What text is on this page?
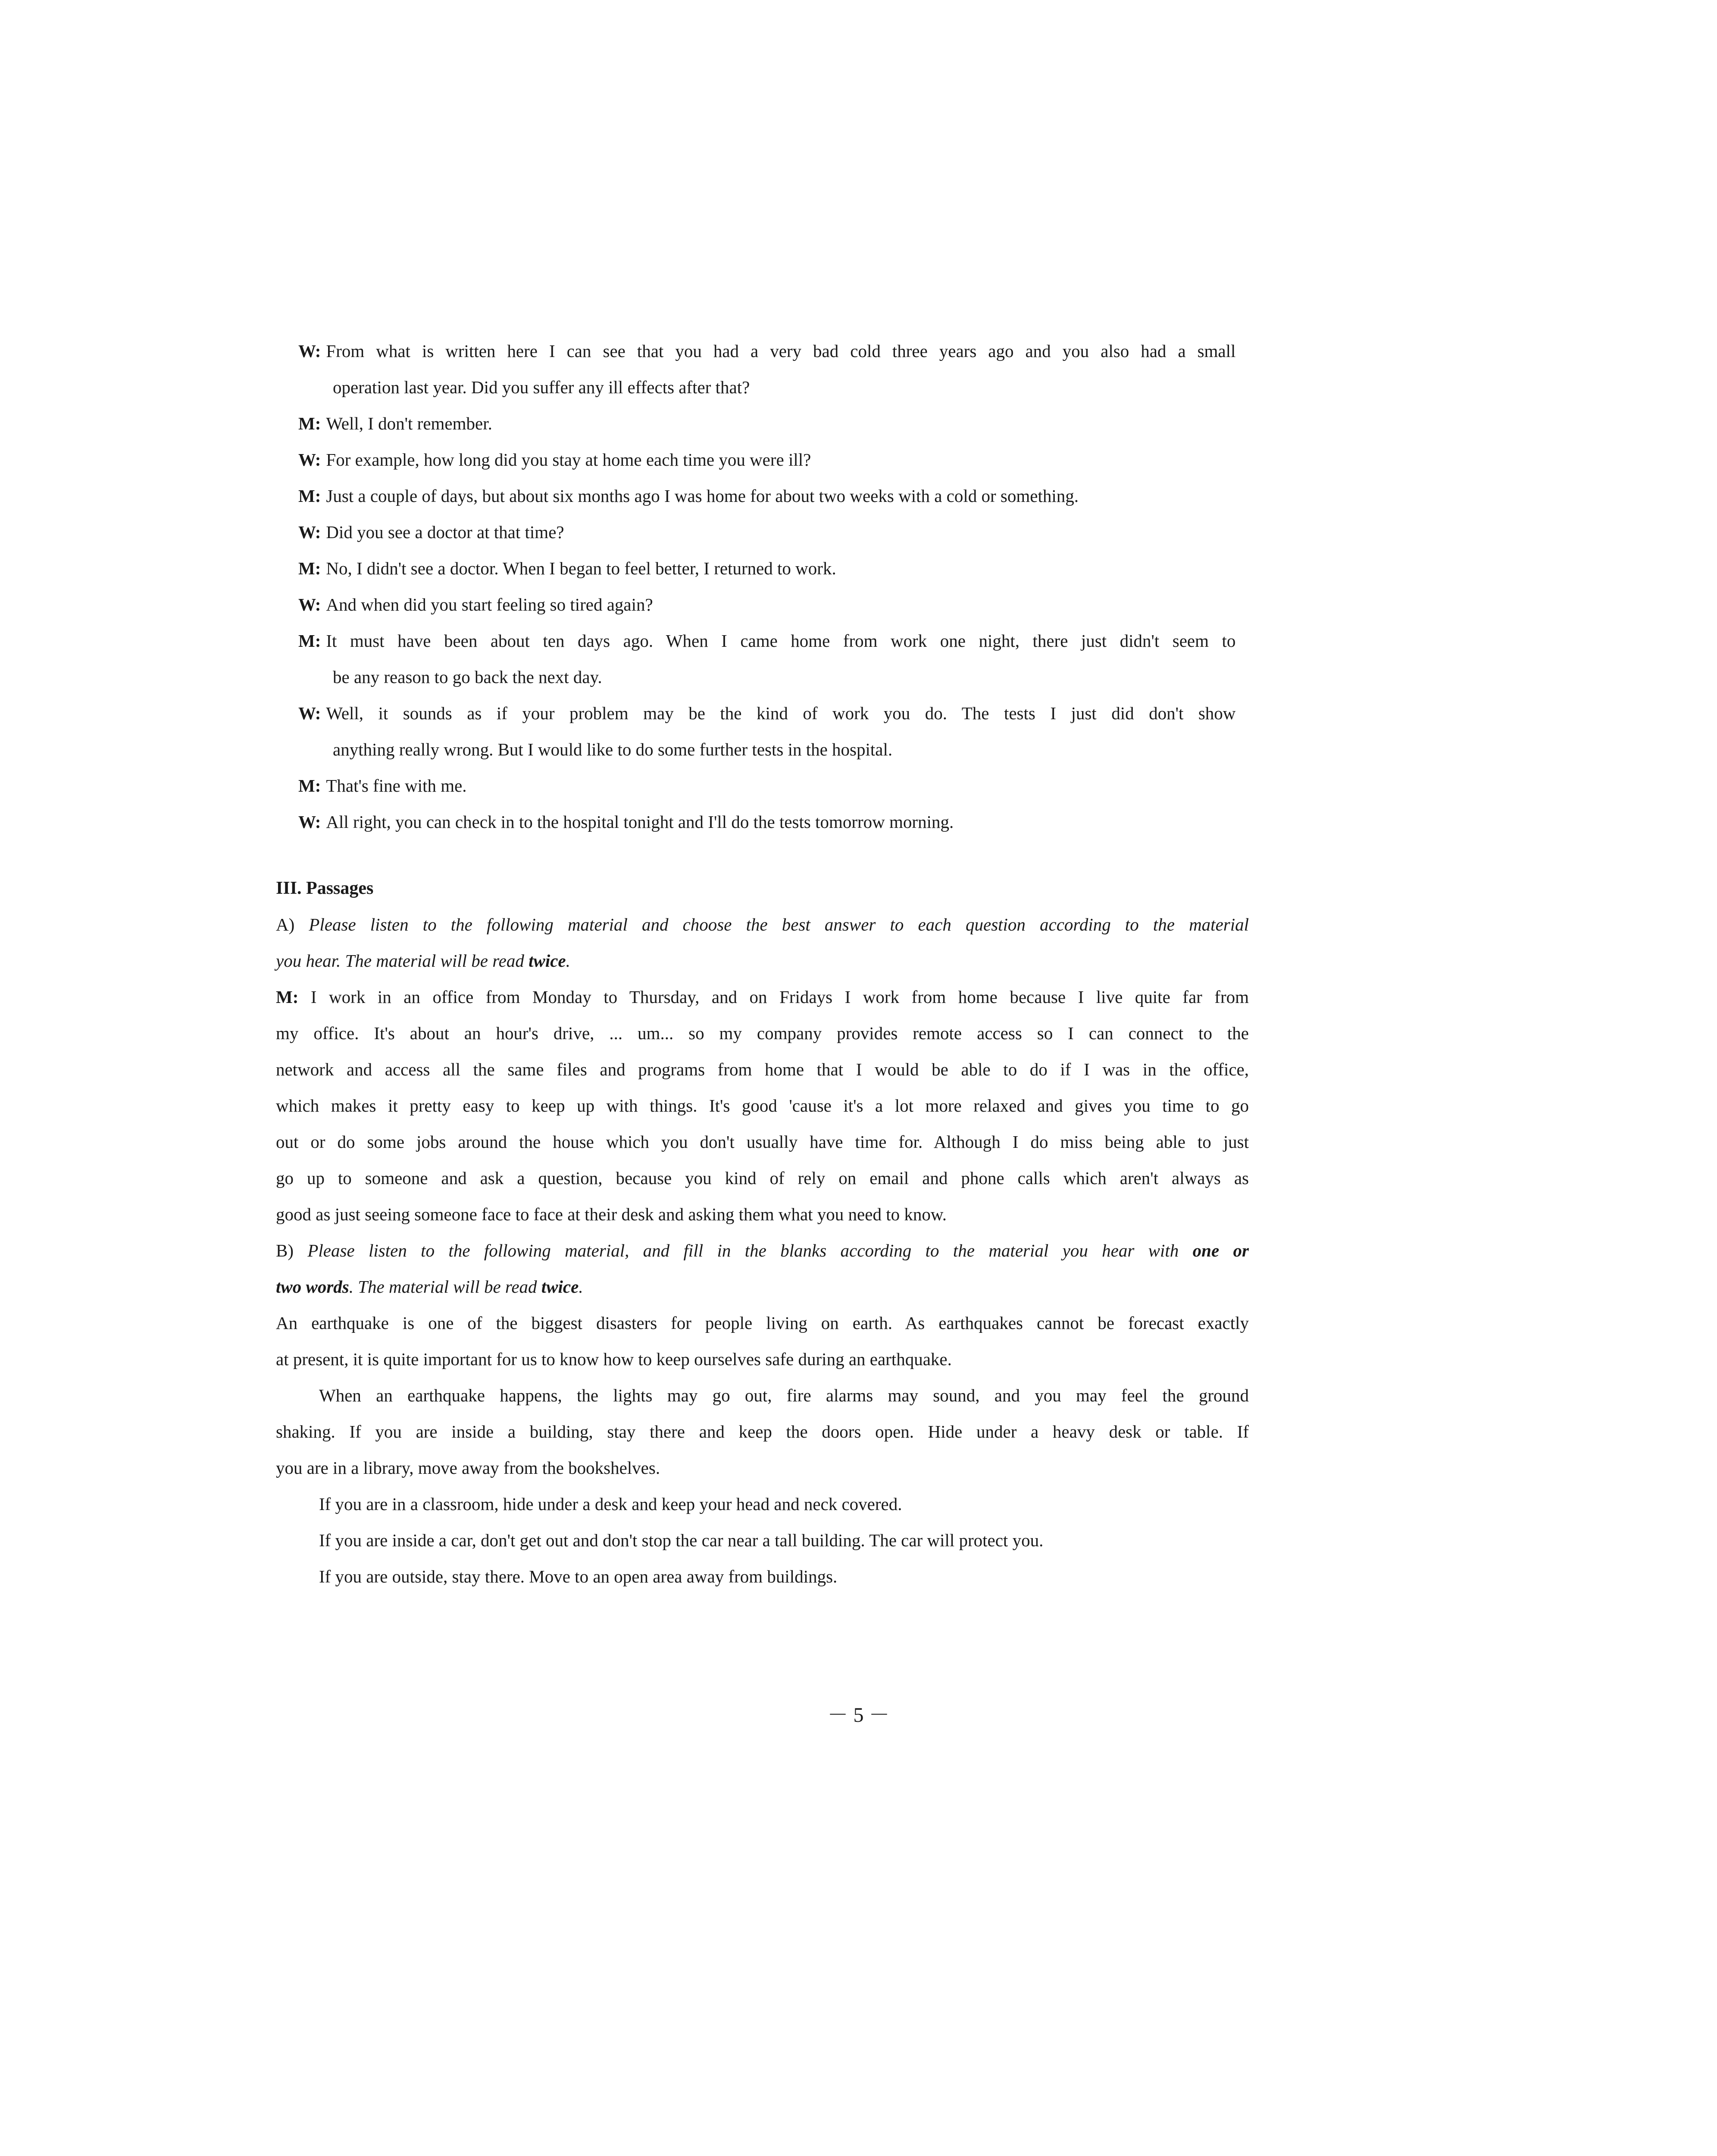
W: From what is written here I can see that you had a very bad cold three years ago and you also had a small
operation last year. Did you suffer any ill effects after that?
M: Well, I don't remember.
W: For example, how long did you stay at home each time you were ill?
M: Just a couple of days, but about six months ago I was home for about two weeks with a cold or something.
W: Did you see a doctor at that time?
M: No, I didn't see a doctor. When I began to feel better, I returned to work.
W: And when did you start feeling so tired again?
M: It must have been about ten days ago. When I came home from work one night, there just didn't seem to
be any reason to go back the next day.
W: Well, it sounds as if your problem may be the kind of work you do. The tests I just did don't show
anything really wrong. But I would like to do some further tests in the hospital.
M: That's fine with me.
W: All right, you can check in to the hospital tonight and I'll do the tests tomorrow morning.
III. Passages
A) Please listen to the following material and choose the best answer to each question according to the material
you hear. The material will be read twice.
M: I work in an office from Monday to Thursday, and on Fridays I work from home because I live quite far from
my office. It's about an hour's drive, ... um... so my company provides remote access so I can connect to the
network and access all the same files and programs from home that I would be able to do if I was in the office,
which makes it pretty easy to keep up with things. It's good 'cause it's a lot more relaxed and gives you time to go
out or do some jobs around the house which you don't usually have time for. Although I do miss being able to just
go up to someone and ask a question, because you kind of rely on email and phone calls which aren't always as
good as just seeing someone face to face at their desk and asking them what you need to know.
B) Please listen to the following material, and fill in the blanks according to the material you hear with one or
two words. The material will be read twice.
An earthquake is one of the biggest disasters for people living on earth. As earthquakes cannot be forecast exactly
at present, it is quite important for us to know how to keep ourselves safe during an earthquake.
When an earthquake happens, the lights may go out, fire alarms may sound, and you may feel the ground
shaking. If you are inside a building, stay there and keep the doors open. Hide under a heavy desk or table. If
you are in a library, move away from the bookshelves.
If you are in a classroom, hide under a desk and keep your head and neck covered.
If you are inside a car, don't get out and don't stop the car near a tall building. The car will protect you.
If you are outside, stay there. Move to an open area away from buildings.
－ 5 －
